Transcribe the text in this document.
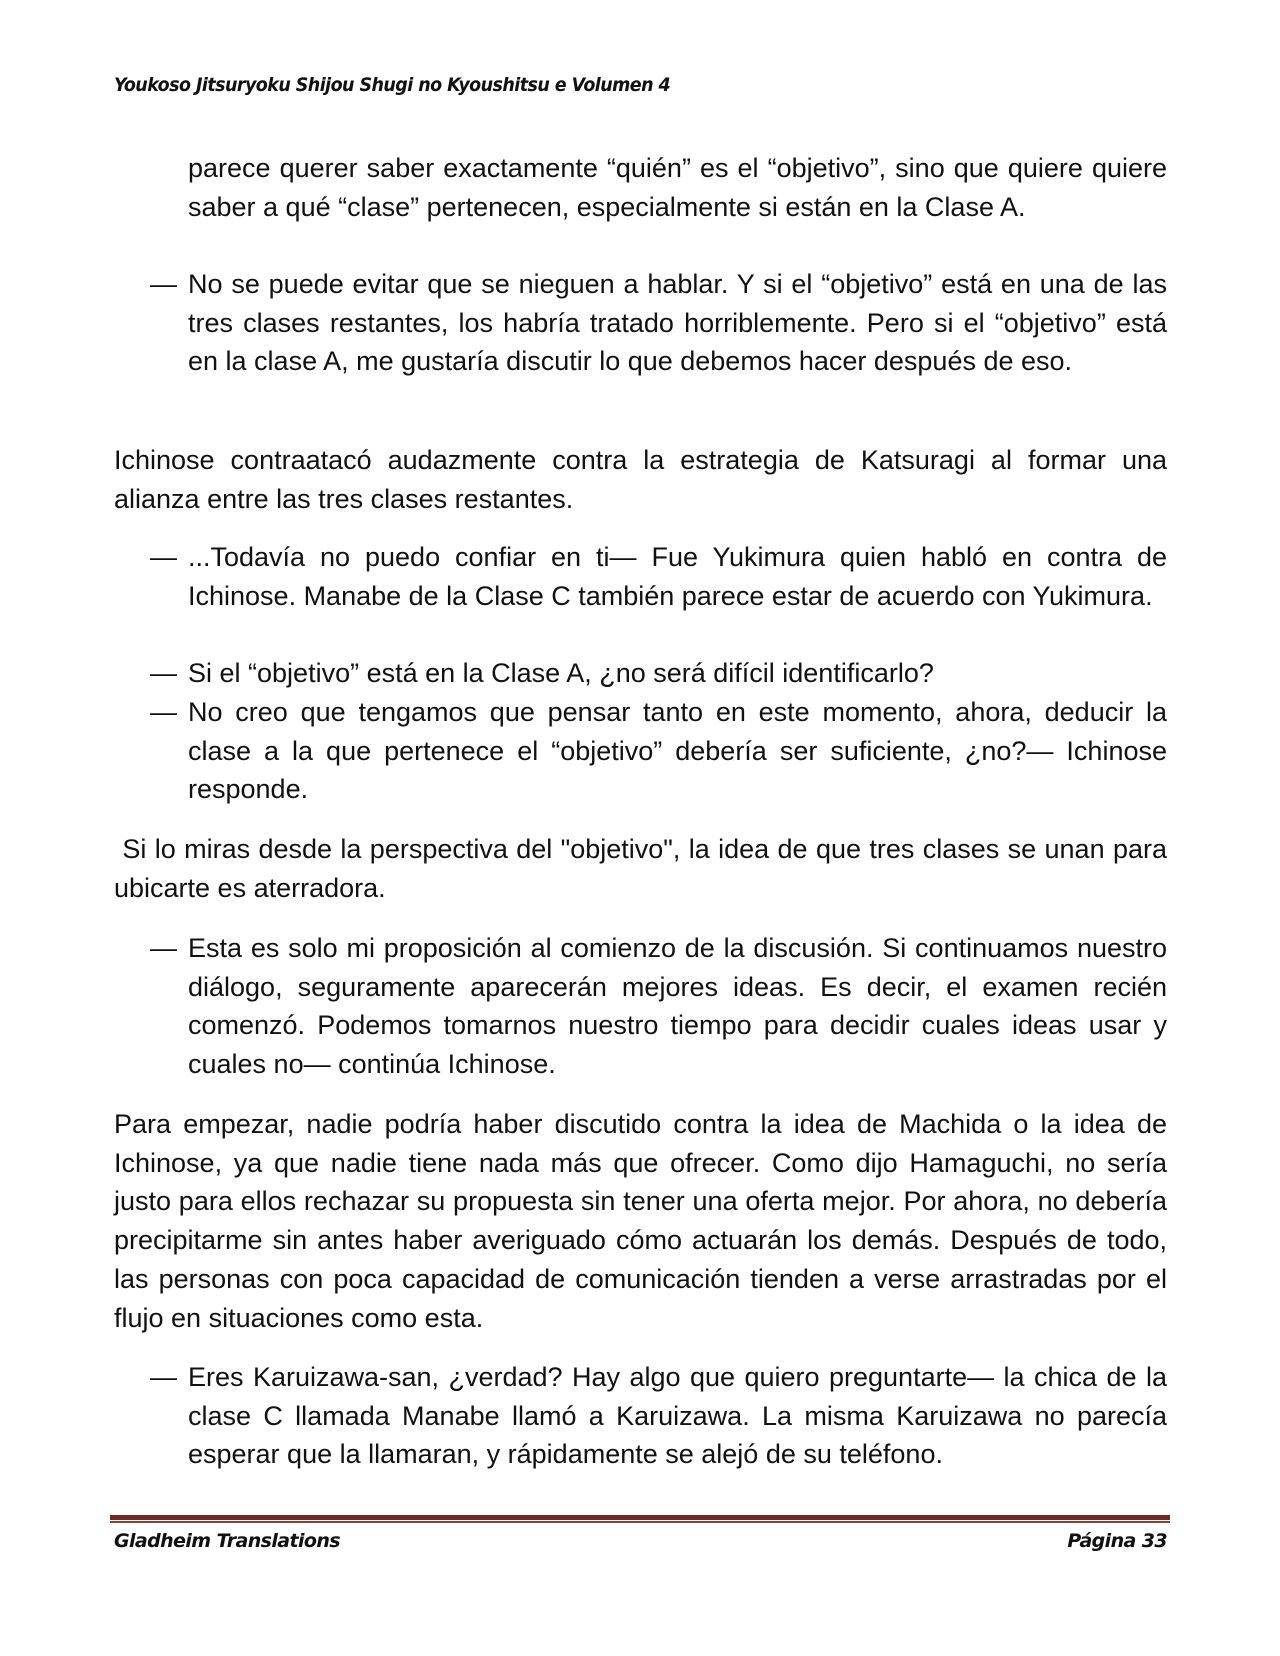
Youkoso Jitsuryoku Shijou Shugi no Kyoushitsu e Volumen 4
parece querer saber exactamente “quién” es el “objetivo”, sino que quiere quiere saber a qué “clase” pertenecen, especialmente si están en la Clase A.
— No se puede evitar que se nieguen a hablar. Y si el “objetivo” está en una de las tres clases restantes, los habría tratado horriblemente. Pero si el “objetivo” está en la clase A, me gustaría discutir lo que debemos hacer después de eso.
Ichinose contraatacó audazmente contra la estrategia de Katsuragi al formar una alianza entre las tres clases restantes.
— ...Todavía no puedo confiar en ti— Fue Yukimura quien habló en contra de Ichinose. Manabe de la Clase C también parece estar de acuerdo con Yukimura.
— Si el “objetivo” está en la Clase A, ¿no será difícil identificarlo?
— No creo que tengamos que pensar tanto en este momento, ahora, deducir la clase a la que pertenece el “objetivo” debería ser suficiente, ¿no?— Ichinose responde.
Si lo miras desde la perspectiva del "objetivo", la idea de que tres clases se unan para ubicarte es aterradora.
— Esta es solo mi proposición al comienzo de la discusión. Si continuamos nuestro diálogo, seguramente aparecerán mejores ideas. Es decir, el examen recién comenzó. Podemos tomarnos nuestro tiempo para decidir cuales ideas usar y cuales no— continúa Ichinose.
Para empezar, nadie podría haber discutido contra la idea de Machida o la idea de Ichinose, ya que nadie tiene nada más que ofrecer. Como dijo Hamaguchi, no sería justo para ellos rechazar su propuesta sin tener una oferta mejor. Por ahora, no debería precipitarme sin antes haber averiguado cómo actuarán los demás. Después de todo, las personas con poca capacidad de comunicación tienden a verse arrastradas por el flujo en situaciones como esta.
— Eres Karuizawa-san, ¿verdad? Hay algo que quiero preguntarte— la chica de la clase C llamada Manabe llamó a Karuizawa. La misma Karuizawa no parecía esperar que la llamaran, y rápidamente se alejó de su teléfono.
Gladheim Translations	Página 33
